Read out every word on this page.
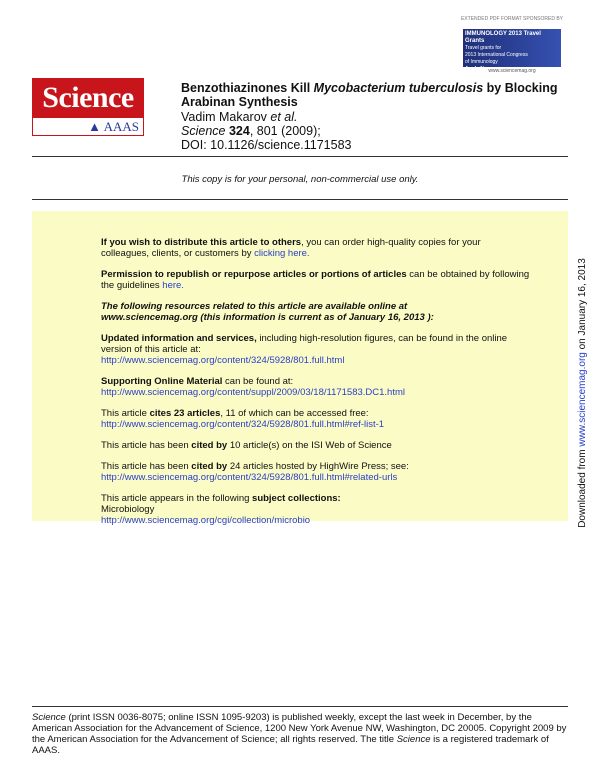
EXTENDED PDF FORMAT SPONSORED BY
IMMUNOLOGY 2013 Travel Grants
Travel grants for
2013 International Congress
of Immunology
Apply Now
www.sciencemag.org
Science
▲ AAAS
Benzothiazinones Kill Mycobacterium tuberculosis by Blocking Arabinan Synthesis
Vadim Makarov et al.
Science 324, 801 (2009);
DOI: 10.1126/science.1171583
This copy is for your personal, non-commercial use only.

If you wish to distribute this article to others, you can order high-quality copies for your colleagues, clients, or customers by clicking here.

Permission to republish or repurpose articles or portions of articles can be obtained by following the guidelines here.

The following resources related to this article are available online at
www.sciencemag.org (this information is current as of January 16, 2013 ):

Updated information and services, including high-resolution figures, can be found in the online version of this article at:
http://www.sciencemag.org/content/324/5928/801.full.html

Supporting Online Material can be found at:
http://www.sciencemag.org/content/suppl/2009/03/18/1171583.DC1.html

This article cites 23 articles, 11 of which can be accessed free:
http://www.sciencemag.org/content/324/5928/801.full.html#ref-list-1

This article has been cited by 10 article(s) on the ISI Web of Science

This article has been cited by 24 articles hosted by HighWire Press; see:
http://www.sciencemag.org/content/324/5928/801.full.html#related-urls

This article appears in the following subject collections:
Microbiology
http://www.sciencemag.org/cgi/collection/microbio	Downloaded from www.sciencemag.org on January 16, 2013
Science (print ISSN 0036-8075; online ISSN 1095-9203) is published weekly, except the last week in December, by the American Association for the Advancement of Science, 1200 New York Avenue NW, Washington, DC 20005. Copyright 2009 by the American Association for the Advancement of Science; all rights reserved. The title Science is a registered trademark of AAAS.
